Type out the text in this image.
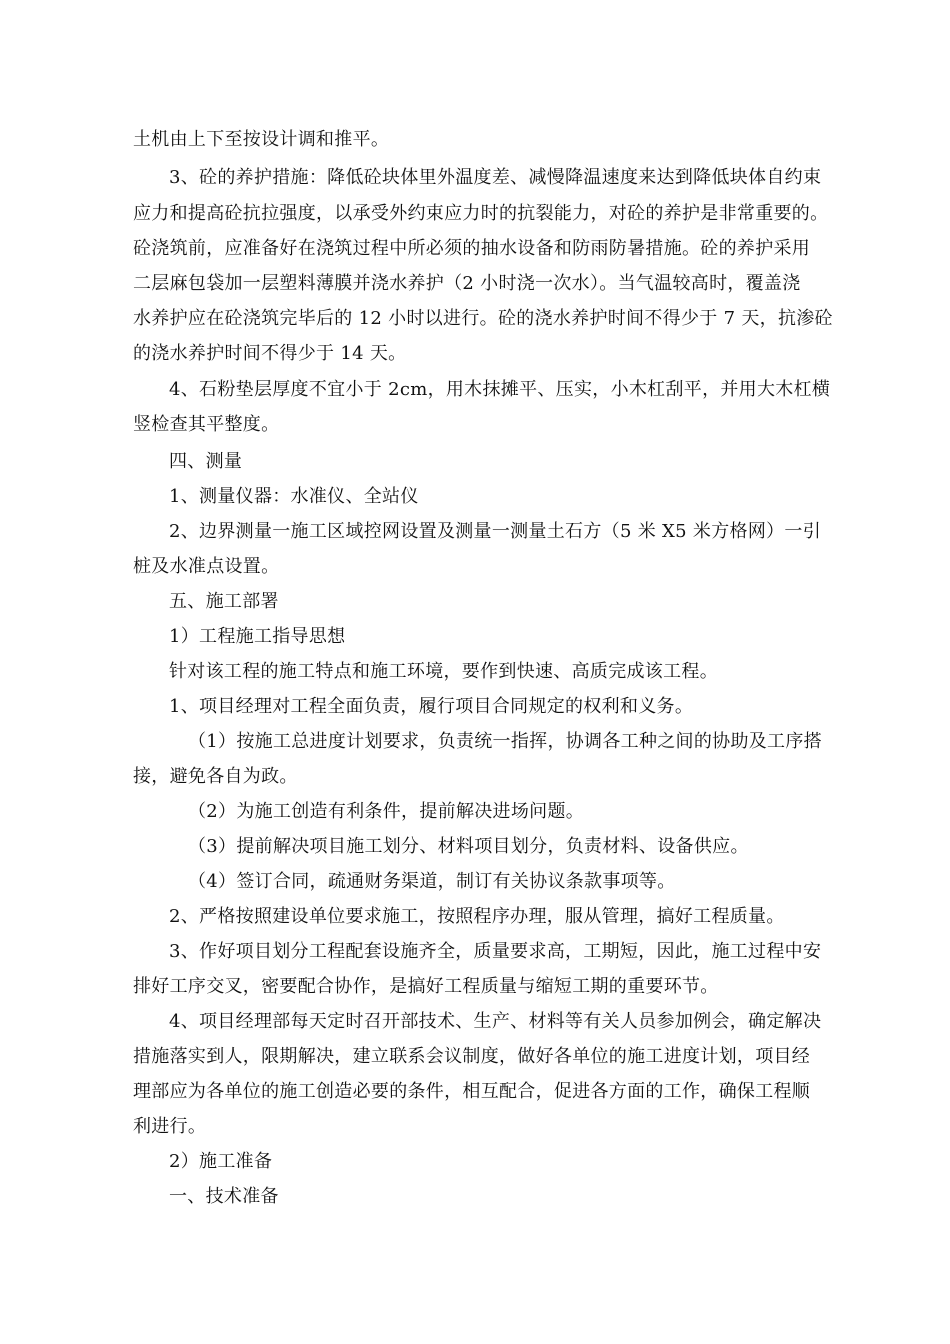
土机由上下至按设计调和推平。
3、砼的养护措施：降低砼块体里外温度差、减慢降温速度来达到降低块体自约束
应力和提高砼抗拉强度，以承受外约束应力时的抗裂能力，对砼的养护是非常重要的。
砼浇筑前，应准备好在浇筑过程中所必须的抽水设备和防雨防暑措施。砼的养护采用
二层麻包袋加一层塑料薄膜并浇水养护（2 小时浇一次水）。当气温较高时，覆盖浇
水养护应在砼浇筑完毕后的 12 小时以进行。砼的浇水养护时间不得少于 7 天，抗渗砼
的浇水养护时间不得少于 14 天。
4、石粉垫层厚度不宜小于 2cm，用木抹摊平、压实，小木杠刮平，并用大木杠横
竖检查其平整度。
四、测量
1、测量仪器：水准仪、全站仪
2、边界测量一施工区域控网设置及测量一测量土石方（5 米 X5 米方格网）一引
桩及水准点设置。
五、施工部署
1）工程施工指导思想
针对该工程的施工特点和施工环境，要作到快速、高质完成该工程。
1、项目经理对工程全面负责，履行项目合同规定的权利和义务。
（1）按施工总进度计划要求，负责统一指挥，协调各工种之间的协助及工序搭
接，避免各自为政。
（2）为施工创造有利条件，提前解决进场问题。
（3）提前解决项目施工划分、材料项目划分，负责材料、设备供应。
（4）签订合同，疏通财务渠道，制订有关协议条款事项等。
2、严格按照建设单位要求施工，按照程序办理，服从管理，搞好工程质量。
3、作好项目划分工程配套设施齐全，质量要求高，工期短，因此，施工过程中安
排好工序交叉，密要配合协作，是搞好工程质量与缩短工期的重要环节。
4、项目经理部每天定时召开部技术、生产、材料等有关人员参加例会，确定解决
措施落实到人，限期解决，建立联系会议制度，做好各单位的施工进度计划，项目经
理部应为各单位的施工创造必要的条件，相互配合，促进各方面的工作，确保工程顺
利进行。
2）施工准备
一、技术准备
